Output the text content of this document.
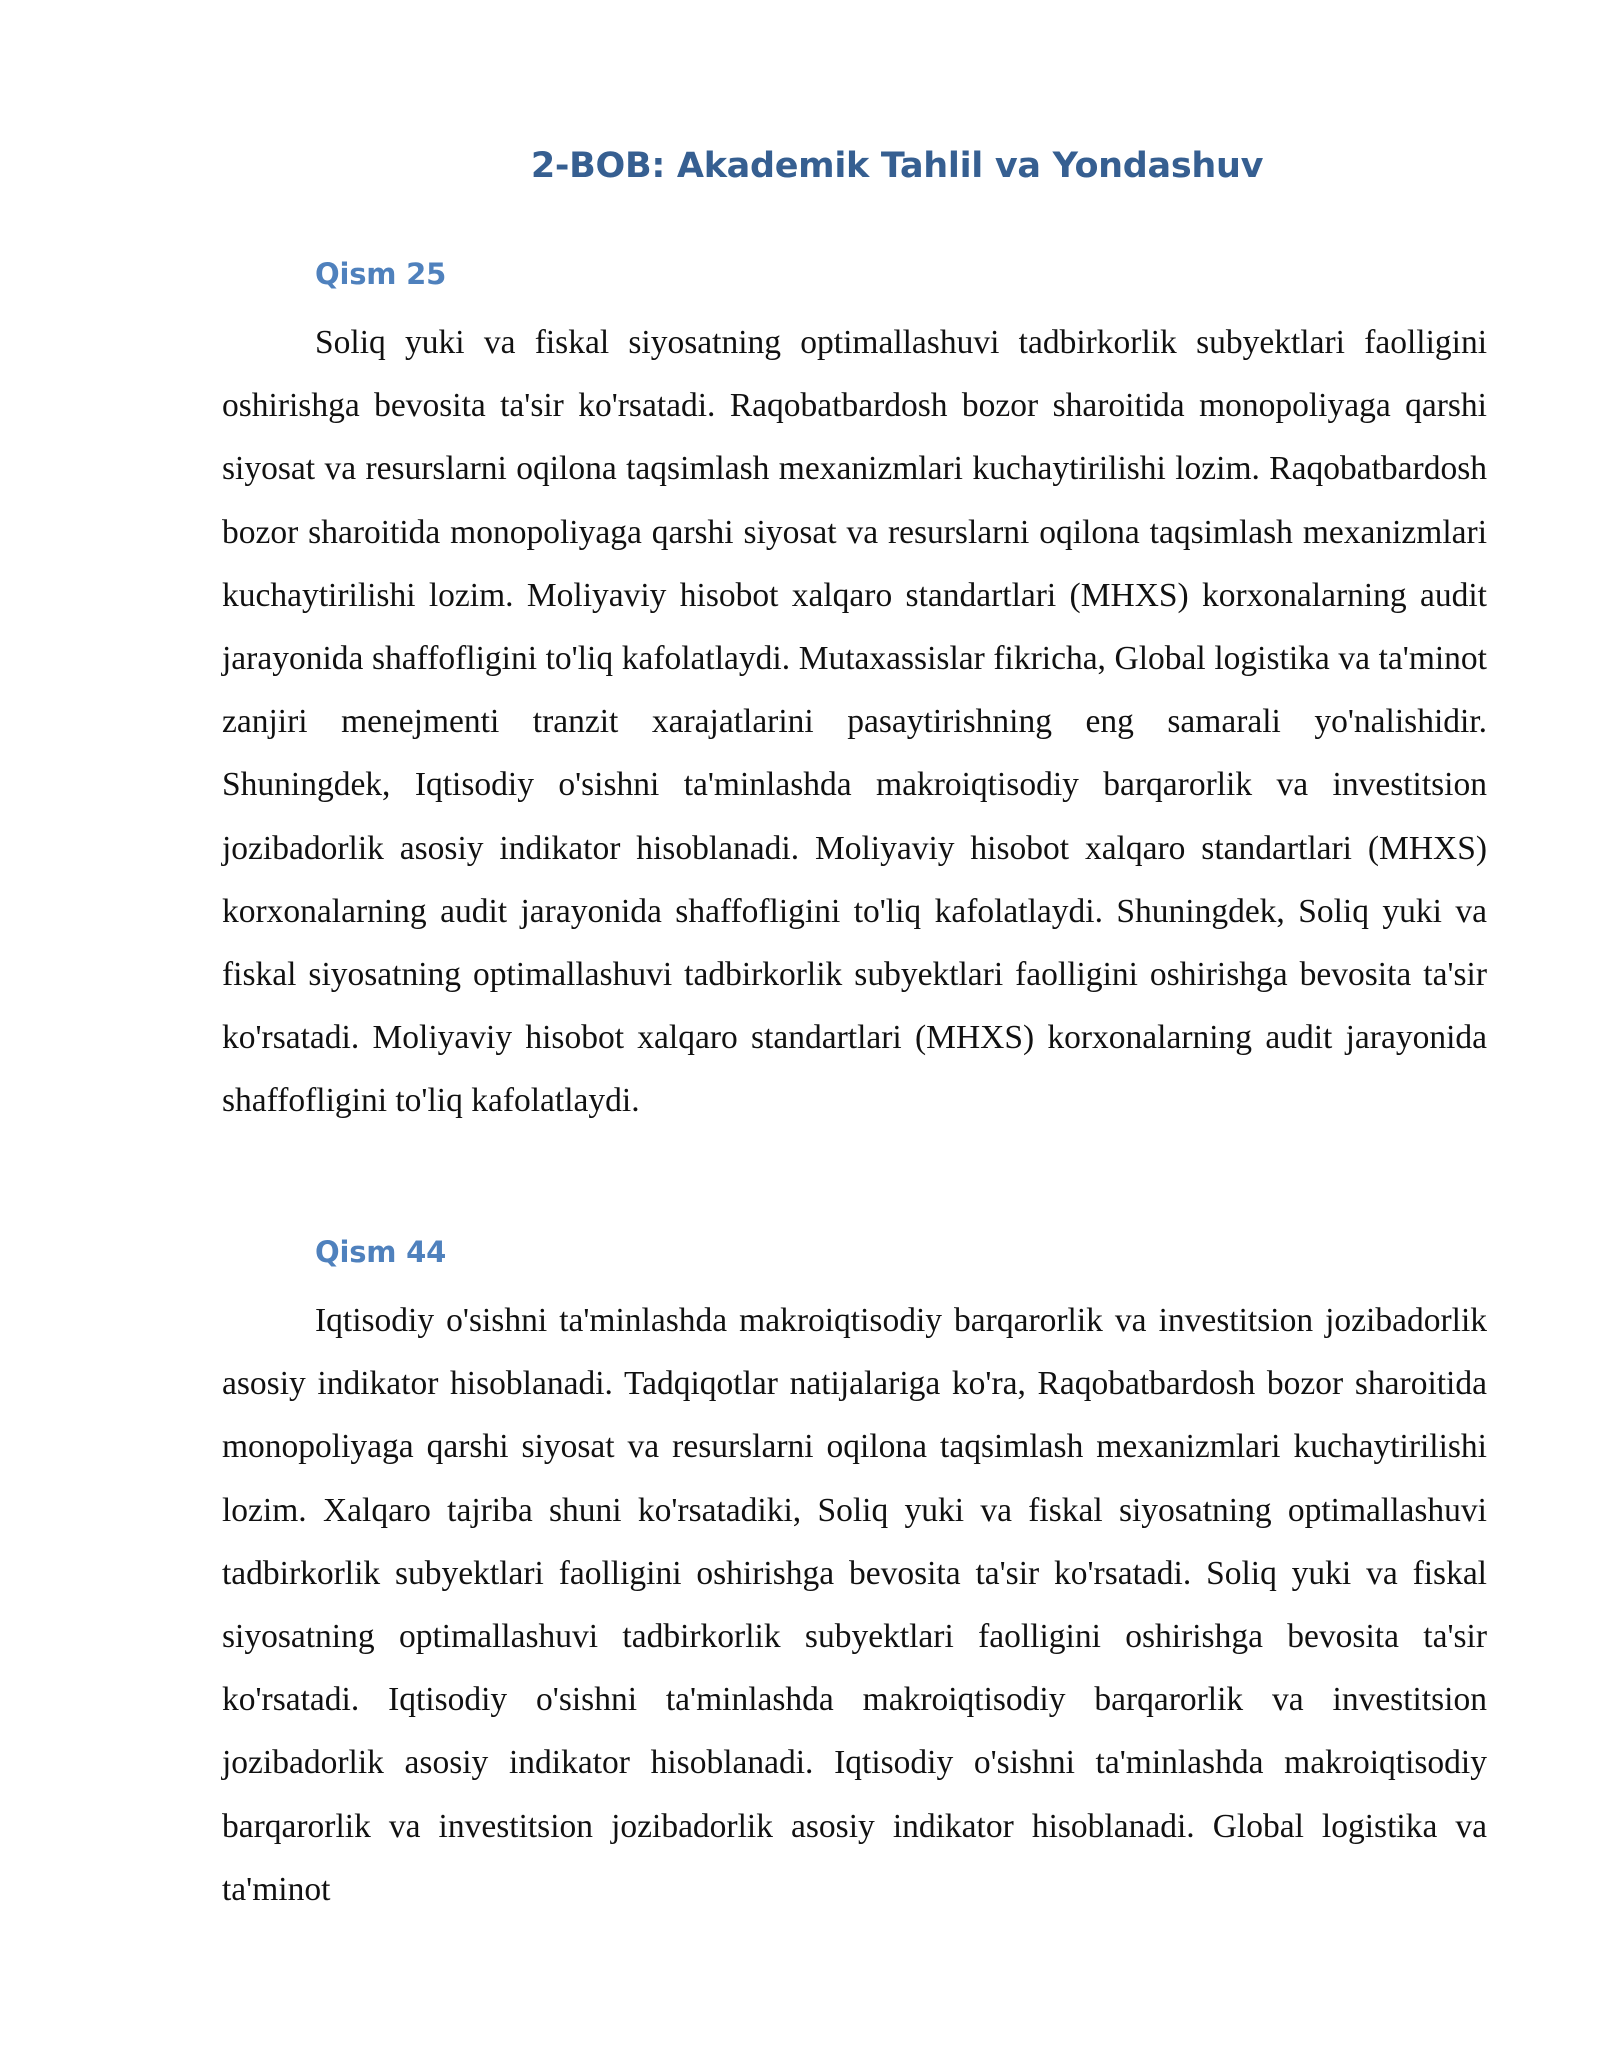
2-BOB: Akademik Tahlil va Yondashuv
Qism 25

Soliq yuki va fiskal siyosatning optimallashuvi tadbirkorlik subyektlari faolligini oshirishga bevosita ta'sir ko'rsatadi. Raqobatbardosh bozor sharoitida monopoliyaga qarshi siyosat va resurslarni oqilona taqsimlash mexanizmlari kuchaytirilishi lozim. Raqobatbardosh bozor sharoitida monopoliyaga qarshi siyosat va resurslarni oqilona taqsimlash mexanizmlari kuchaytirilishi lozim. Moliyaviy hisobot xalqaro standartlari (MHXS) korxonalarning audit jarayonida shaffofligini to'liq kafolatlaydi. Mutaxassislar fikricha, Global logistika va ta'minot zanjiri menejmenti tranzit xarajatlarini pasaytirishning eng samarali yo'nalishidir. Shuningdek, Iqtisodiy o'sishni ta'minlashda makroiqtisodiy barqarorlik va investitsion jozibadorlik asosiy indikator hisoblanadi. Moliyaviy hisobot xalqaro standartlari (MHXS) korxonalarning audit jarayonida shaffofligini to'liq kafolatlaydi. Shuningdek, Soliq yuki va fiskal siyosatning optimallashuvi tadbirkorlik subyektlari faolligini oshirishga bevosita ta'sir ko'rsatadi. Moliyaviy hisobot xalqaro standartlari (MHXS) korxonalarning audit jarayonida shaffofligini to'liq kafolatlaydi.

Qism 44

Iqtisodiy o'sishni ta'minlashda makroiqtisodiy barqarorlik va investitsion jozibadorlik asosiy indikator hisoblanadi. Tadqiqotlar natijalariga ko'ra, Raqobatbardosh bozor sharoitida monopoliyaga qarshi siyosat va resurslarni oqilona taqsimlash mexanizmlari kuchaytirilishi lozim. Xalqaro tajriba shuni ko'rsatadiki, Soliq yuki va fiskal siyosatning optimallashuvi tadbirkorlik subyektlari faolligini oshirishga bevosita ta'sir ko'rsatadi. Soliq yuki va fiskal siyosatning optimallashuvi tadbirkorlik subyektlari faolligini oshirishga bevosita ta'sir ko'rsatadi. Iqtisodiy o'sishni ta'minlashda makroiqtisodiy barqarorlik va investitsion jozibadorlik asosiy indikator hisoblanadi. Iqtisodiy o'sishni ta'minlashda makroiqtisodiy barqarorlik va investitsion jozibadorlik asosiy indikator hisoblanadi. Global logistika va ta'minot
